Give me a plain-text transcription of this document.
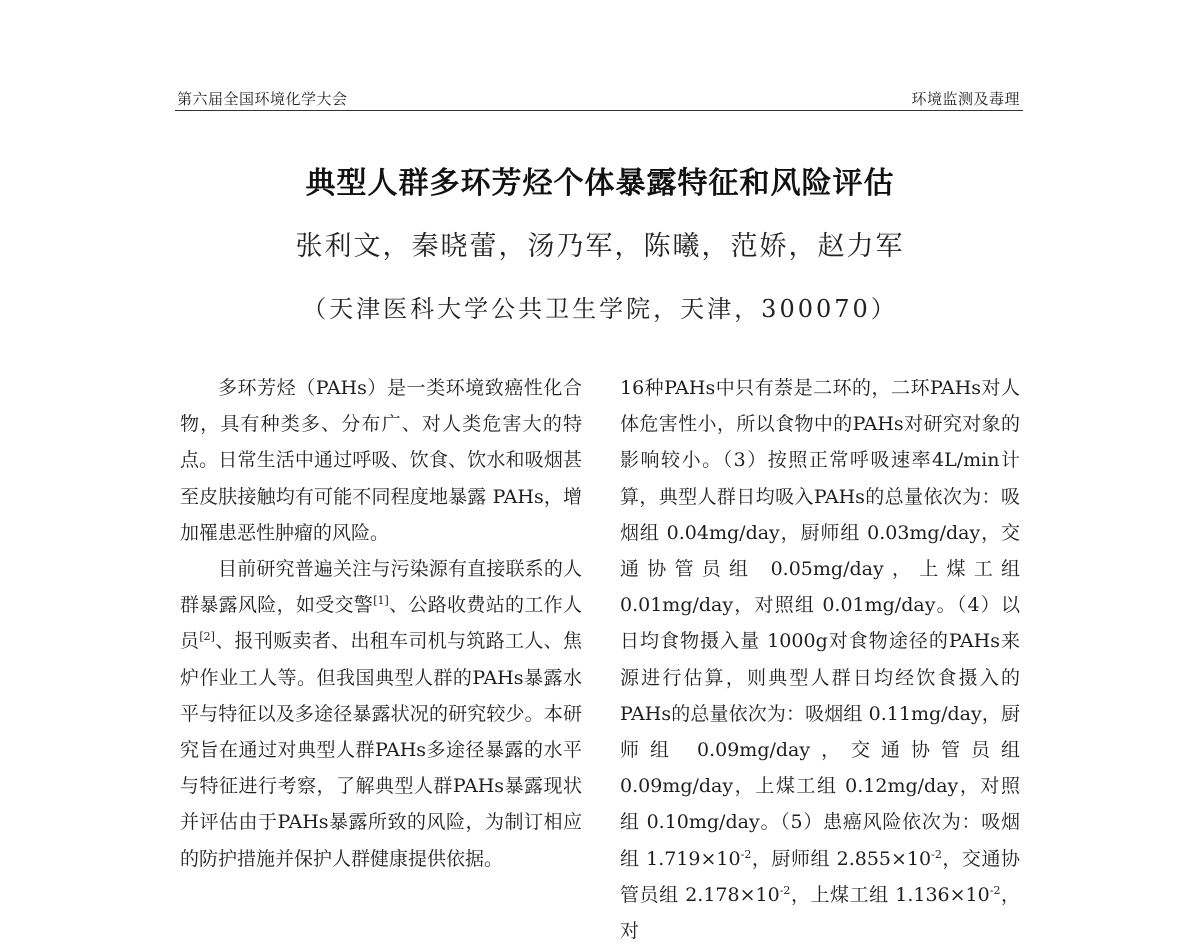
第六届全国环境化学大会	环境监测及毒理
典型人群多环芳烃个体暴露特征和风险评估
张利文，秦晓蕾，汤乃军，陈曦，范娇，赵力军
（天津医科大学公共卫生学院，天津，300070）

多环芳烃（PAHs）是一类环境致癌性化合物，具有种类多、分布广、对人类危害大的特点。日常生活中通过呼吸、饮食、饮水和吸烟甚至皮肤接触均有可能不同程度地暴露 PAHs，增加罹患恶性肿瘤的风险。

目前研究普遍关注与污染源有直接联系的人群暴露风险，如受交警[1]、公路收费站的工作人员[2]、报刊贩卖者、出租车司机与筑路工人、焦炉作业工人等。但我国典型人群的PAHs暴露水平与特征以及多途径暴露状况的研究较少。本研究旨在通过对典型人群PAHs多途径暴露的水平与特征进行考察，了解典型人群PAHs暴露现状并评估由于PAHs暴露所致的风险，为制订相应的防护措施并保护人群健康提供依据。

16种PAHs中只有萘是二环的，二环PAHs对人体危害性小，所以食物中的PAHs对研究对象的影响较小。（3）按照正常呼吸速率4L/min计算，典型人群日均吸入PAHs的总量依次为：吸烟组 0.04mg/day，厨师组 0.03mg/day，交通协管员组 0.05mg/day，上煤工组 0.01mg/day，对照组 0.01mg/day。（4）以日均食物摄入量 1000g对食物途径的PAHs来源进行估算，则典型人群日均经饮食摄入的PAHs的总量依次为：吸烟组 0.11mg/day，厨师组 0.09mg/day，交通协管员组 0.09mg/day，上煤工组 0.12mg/day，对照组 0.10mg/day。（5）患癌风险依次为：吸烟组 $1.719\times 10^{-2}$，厨师组 $2.855\times 10^{-2}$，交通协管员组 $2.178\times 10^{-2}$，上煤工组 $1.136\times 10^{-2}$，对
